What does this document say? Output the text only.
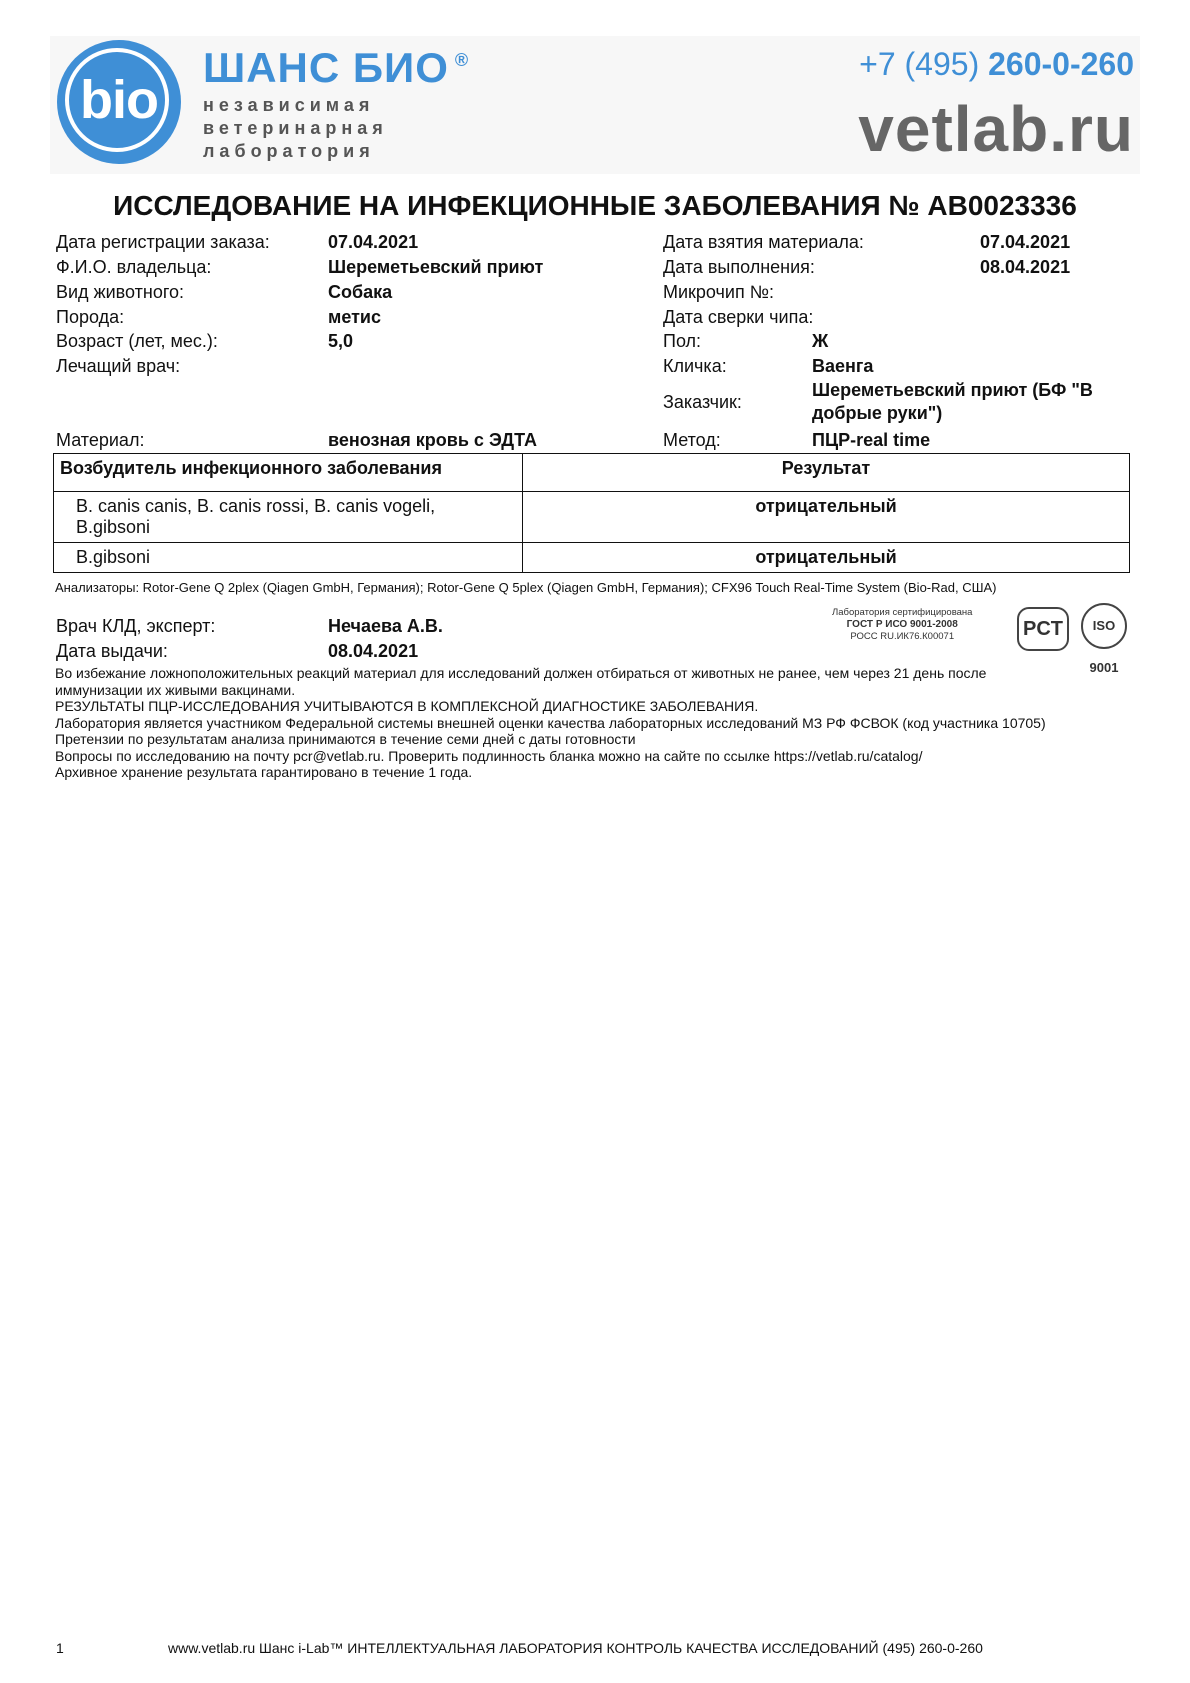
bio
ШАНС БИО ®
независимая
ветеринарная
лаборатория
+7 (495) 260-0-260
vetlab.ru
ИССЛЕДОВАНИЕ НА ИНФЕКЦИОННЫЕ ЗАБОЛЕВАНИЯ № АВ0023336
Дата регистрации заказа:	07.04.2021
Ф.И.О. владельца:	Шереметьевский приют
Вид животного:	Собака
Порода:	метис
Возраст (лет, мес.):	5,0
Лечащий врач:
Материал:	венозная кровь с ЭДТА
Дата взятия материала:	07.04.2021
Дата выполнения:	08.04.2021
Микрочип №:
Дата сверки чипа:
Пол:	Ж
Кличка:	Ваенга
Заказчик:
Шереметьевский приют (БФ "В
добрые руки")
Метод:	ПЦР-real time
Возбудитель инфекционного заболевания	Результат

B. canis canis, B. canis rossi, B. canis vogeli,
B.gibsoni	отрицательный
B.gibsoni	отрицательный
Анализаторы: Rotor-Gene Q 2plex (Qiagen GmbH, Германия); Rotor-Gene Q 5plex (Qiagen GmbH, Германия); CFX96 Touch Real-Time System (Bio-Rad, США)
Врач КЛД, эксперт:	Нечаева А.В.
Дата выдачи:	08.04.2021
Лаборатория сертифицирована
ГОСТ Р ИСО 9001-2008
РОСС RU.ИК76.К00071	PCT	ISO 9001
Во избежание ложноположительных реакций материал для исследований должен отбираться от животных не ранее, чем через 21 день после
иммунизации их живыми вакцинами.
РЕЗУЛЬТАТЫ ПЦР-ИССЛЕДОВАНИЯ УЧИТЫВАЮТСЯ В КОМПЛЕКСНОЙ ДИАГНОСТИКЕ ЗАБОЛЕВАНИЯ.
Лаборатория является участником Федеральной системы внешней оценки качества лабораторных исследований МЗ РФ ФСВОК (код участника 10705)
Претензии по результатам анализа принимаются в течение семи дней с даты готовности
Вопросы по исследованию на почту pcr@vetlab.ru. Проверить подлинность бланка можно на сайте по ссылке https://vetlab.ru/catalog/
Архивное хранение результата гарантировано в течение 1 года.
1	www.vetlab.ru Шанс i-Lab™ ИНТЕЛЛЕКТУАЛЬНАЯ ЛАБОРАТОРИЯ КОНТРОЛЬ КАЧЕСТВА ИССЛЕДОВАНИЙ (495) 260-0-260
